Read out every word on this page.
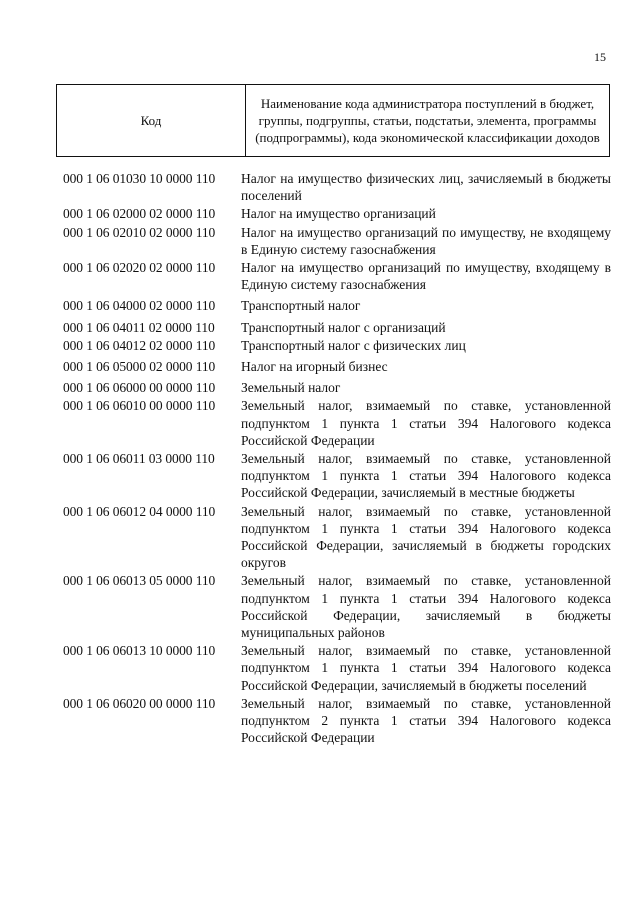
15
Код	Наименование кода администратора поступлений в бюджет, группы, подгруппы, статьи, подстатьи, элемента, программы (подпрограммы), кода экономической классификации доходов
000 1 06 01030 10 0000 110	Налог на имущество физических лиц, зачисляемый в бюджеты поселений
000 1 06 02000 02 0000 110	Налог на имущество организаций
000 1 06 02010 02 0000 110	Налог на имущество организаций по имуществу, не входящему в Единую систему газоснабжения
000 1 06 02020 02 0000 110	Налог на имущество организаций по имуществу, входящему в Единую систему газоснабжения
000 1 06 04000 02 0000 110	Транспортный налог
000 1 06 04011 02 0000 110	Транспортный налог с организаций
000 1 06 04012 02 0000 110	Транспортный налог с физических лиц
000 1 06 05000 02 0000 110	Налог на игорный бизнес
000 1 06 06000 00 0000 110	Земельный налог
000 1 06 06010 00 0000 110	Земельный налог, взимаемый по ставке, установленной подпунктом 1 пункта 1 статьи 394 Налогового кодекса Российской Федерации
000 1 06 06011 03 0000 110	Земельный налог, взимаемый по ставке, установленной подпунктом 1 пункта 1 статьи 394 Налогового кодекса Российской Федерации, зачисляемый в местные бюджеты
000 1 06 06012 04 0000 110	Земельный налог, взимаемый по ставке, установленной подпунктом 1 пункта 1 статьи 394 Налогового кодекса Российской Федерации, зачисляемый в бюджеты городских округов
000 1 06 06013 05 0000 110	Земельный налог, взимаемый по ставке, установленной подпунктом 1 пункта 1 статьи 394 Налогового кодекса Российской Федерации, зачисляемый в бюджеты муниципальных районов
000 1 06 06013 10 0000 110	Земельный налог, взимаемый по ставке, установленной подпунктом 1 пункта 1 статьи 394 Налогового кодекса Российской Федерации, зачисляемый в бюджеты поселений
000 1 06 06020 00 0000 110	Земельный налог, взимаемый по ставке, установленной подпунктом 2 пункта 1 статьи 394 Налогового кодекса Российской Федерации
